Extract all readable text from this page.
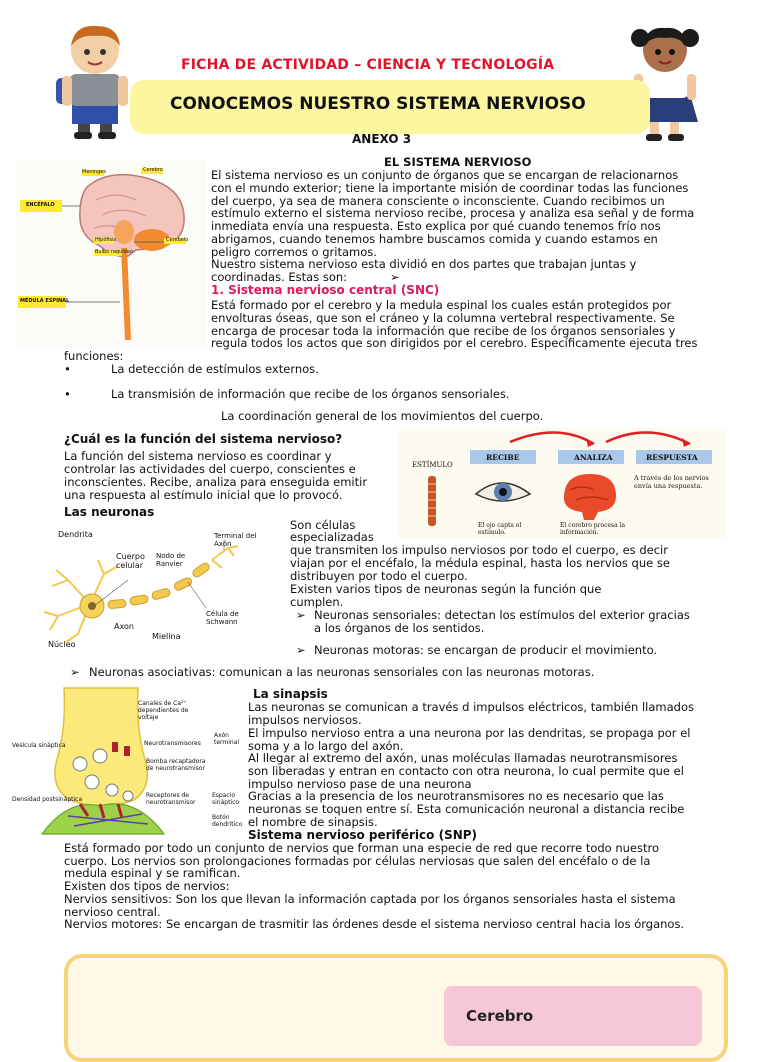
FICHA DE ACTIVIDAD – CIENCIA Y TECNOLOGÍA
CONOCEMOS NUESTRO SISTEMA NERVIOSO
ANEXO 3
Meninges	Cerebro
ENCÉFALO
Hipófisis
Bulbo raquídeo
Cerebelo
MÉDULA ESPINAL
EL SISTEMA NERVIOSO
El sistema nervioso es un conjunto de órganos que se encargan de relacionarnos
con el mundo exterior; tiene la importante misión de coordinar todas las funciones
del cuerpo, ya sea de manera consciente o inconsciente. Cuando recibimos un
estímulo externo el sistema nervioso recibe, procesa y analiza esa señal y de forma
inmediata envía una respuesta. Esto explica por qué cuando tenemos frío nos
abrigamos, cuando tenemos hambre buscamos comida y cuando estamos en
peligro corremos o gritamos.
Nuestro sistema nervioso esta dividió en dos partes que trabajan juntas y
coordinadas. Estas son:	➢
1. Sistema nervioso central (SNC)
Está formado por el cerebro y la medula espinal los cuales están protegidos por
envolturas óseas, que son el cráneo y la columna vertebral respectivamente. Se
encarga de procesar toda la información que recibe de los órganos sensoriales y
regula todos los actos que son dirigidos por el cerebro. Específicamente ejecuta tres
funciones:
•	La detección de estímulos externos.
•	La transmisión de información que recibe de los órganos sensoriales.
La coordinación general de los movimientos del cuerpo.
¿Cuál es la función del sistema nervioso?
La función del sistema nervioso es coordinar y
controlar las actividades del cuerpo, conscientes e
inconscientes. Recibe, analiza para enseguida emitir
una respuesta al estímulo inicial que lo provocó.
ESTÍMULO
RECIBE	ANALIZA	RESPUESTA
A través de los nervios envía una respuesta.
El ojo capta el estímulo.
El cerebro procesa la información.
Las neuronas
Son células
especializadas
que transmiten los impulso nerviosos por todo el cuerpo, es decir
viajan por el encéfalo, la médula espinal, hasta los nervios que se
distribuyen por todo el cuerpo.
Existen varios tipos de neuronas según la función que
cumplen.
➢ Neuronas sensoriales: detectan los estímulos del exterior gracias
a los órganos de los sentidos.
➢ Neuronas motoras: se encargan de producir el movimiento.
➢ Neuronas asociativas: comunican a las neuronas sensoriales con las neuronas motoras.
Dendrita
Cuerpo celular
Nodo de Ranvier
Terminal del Axón
Axon
Célula de Schwann
Mielina
Núcleo
Canales de Ca²⁺ dependientes de voltaje
Vesícula sináptica	Neurotransmisores
Bomba recaptadora de neurotransmisor
Axón terminal
Densidad postsináptica
Receptores de neurotransmisor
Espacio sináptico
Botón dendrítico
La sinapsis
Las neuronas se comunican a través d impulsos eléctricos, también llamados
impulsos nerviosos.
El impulso nervioso entra a una neurona por las dendritas, se propaga por el
soma y a lo largo del axón.
Al llegar al extremo del axón, unas moléculas llamadas neurotransmisores
son liberadas y entran en contacto con otra neurona, lo cual permite que el
impulso nervioso pase de una neurona
Gracias a la presencia de los neurotransmisores no es necesario que las
neuronas se toquen entre sí. Esta comunicación neuronal a distancia recibe
el nombre de sinapsis.
Sistema nervioso periférico (SNP)
Está formado por todo un conjunto de nervios que forman una especie de red que recorre todo nuestro
cuerpo. Los nervios son prolongaciones formadas por células nerviosas que salen del encéfalo o de la
medula espinal y se ramifican.
Existen dos tipos de nervios:
Nervios sensitivos: Son los que llevan la información captada por los órganos sensoriales hasta el sistema
nervioso central.
Nervios motores: Se encargan de trasmitir las órdenes desde el sistema nervioso central hacia los órganos.
Cerebro
